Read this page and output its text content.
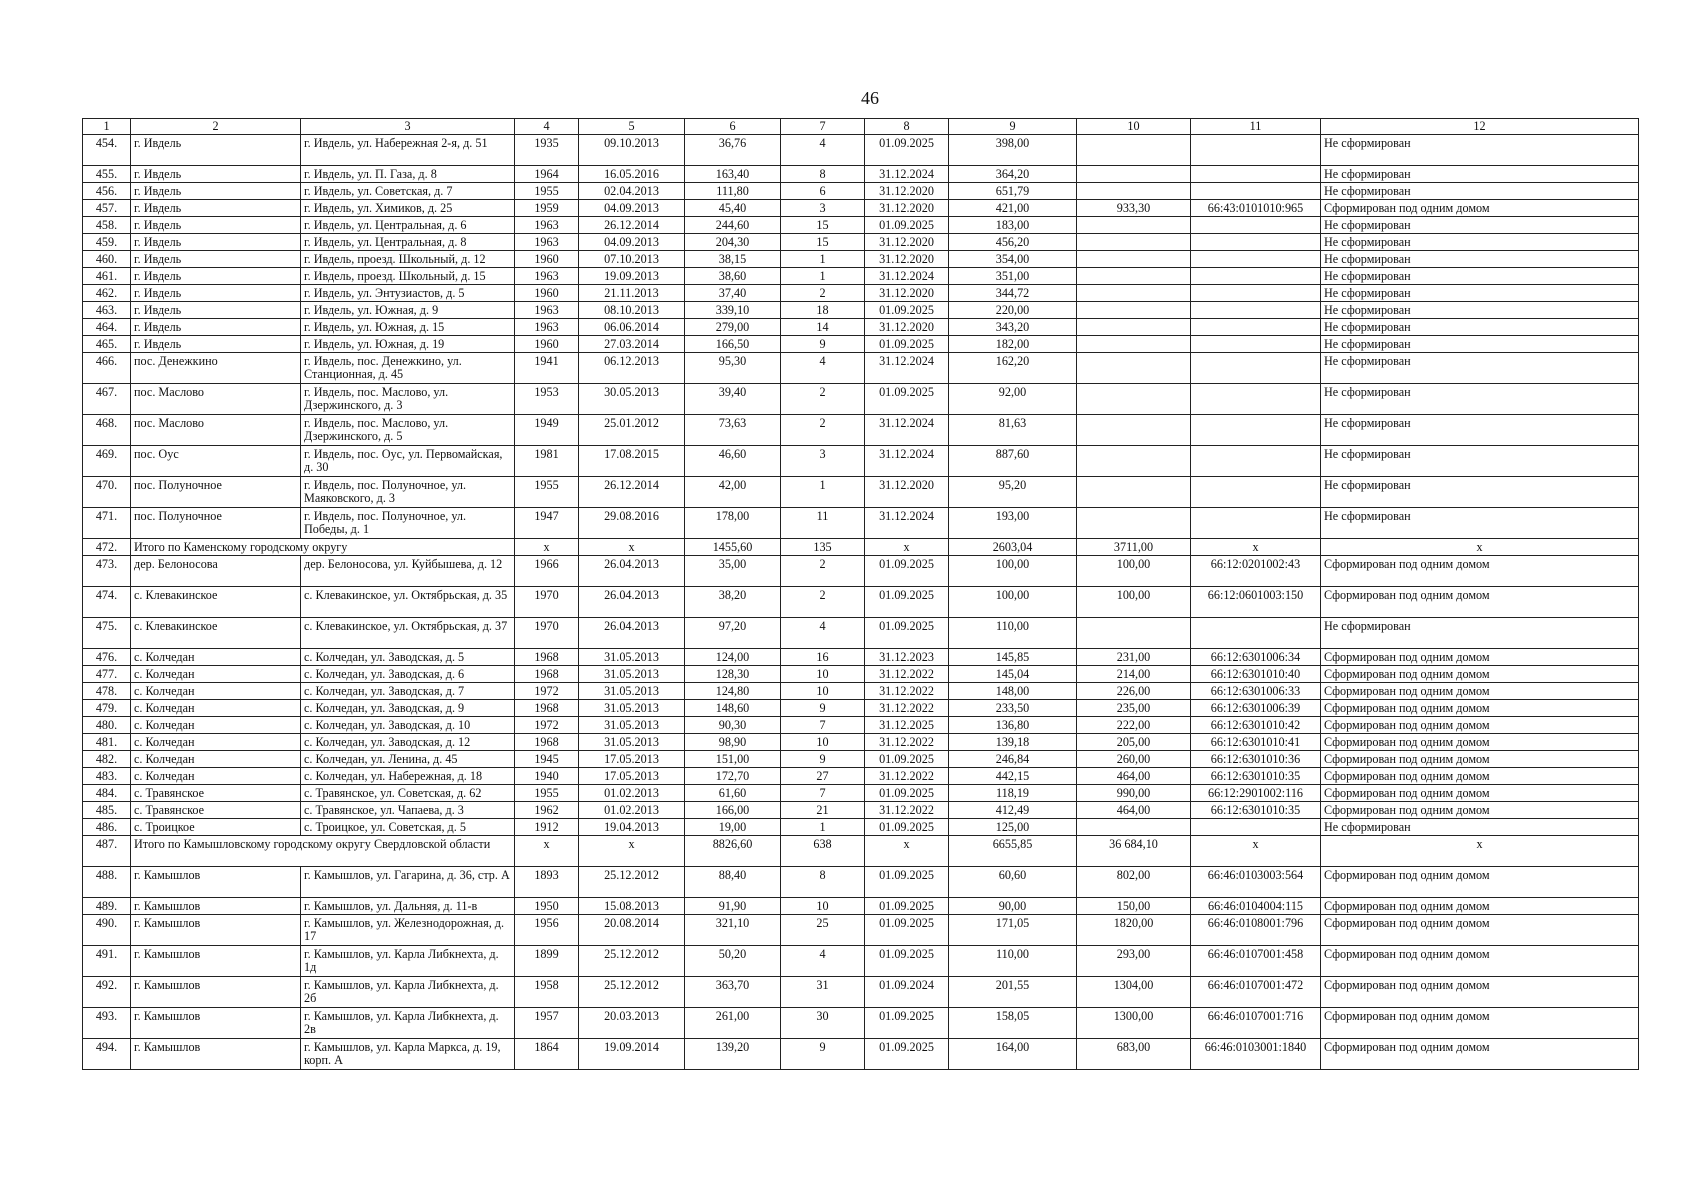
46
1	2	3	4	5	6	7	8	9	10	11	12
454.	г. Ивдель	г. Ивдель, ул. Набережная 2-я, д. 51	1935	09.10.2013	36,76	4	01.09.2025	398,00			Не сформирован
455.	г. Ивдель	г. Ивдель, ул. П. Газа, д. 8	1964	16.05.2016	163,40	8	31.12.2024	364,20			Не сформирован
456.	г. Ивдель	г. Ивдель, ул. Советская, д. 7	1955	02.04.2013	111,80	6	31.12.2020	651,79			Не сформирован
457.	г. Ивдель	г. Ивдель, ул. Химиков, д. 25	1959	04.09.2013	45,40	3	31.12.2020	421,00	933,30	66:43:0101010:965	Сформирован под одним домом
458.	г. Ивдель	г. Ивдель, ул. Центральная, д. 6	1963	26.12.2014	244,60	15	01.09.2025	183,00			Не сформирован
459.	г. Ивдель	г. Ивдель, ул. Центральная, д. 8	1963	04.09.2013	204,30	15	31.12.2020	456,20			Не сформирован
460.	г. Ивдель	г. Ивдель, проезд. Школьный, д. 12	1960	07.10.2013	38,15	1	31.12.2020	354,00			Не сформирован
461.	г. Ивдель	г. Ивдель, проезд. Школьный, д. 15	1963	19.09.2013	38,60	1	31.12.2024	351,00			Не сформирован
462.	г. Ивдель	г. Ивдель, ул. Энтузиастов, д. 5	1960	21.11.2013	37,40	2	31.12.2020	344,72			Не сформирован
463.	г. Ивдель	г. Ивдель, ул. Южная, д. 9	1963	08.10.2013	339,10	18	01.09.2025	220,00			Не сформирован
464.	г. Ивдель	г. Ивдель, ул. Южная, д. 15	1963	06.06.2014	279,00	14	31.12.2020	343,20			Не сформирован
465.	г. Ивдель	г. Ивдель, ул. Южная, д. 19	1960	27.03.2014	166,50	9	01.09.2025	182,00			Не сформирован
466.	пос. Денежкино	г. Ивдель, пос. Денежкино, ул. Станционная, д. 45	1941	06.12.2013	95,30	4	31.12.2024	162,20			Не сформирован
467.	пос. Маслово	г. Ивдель, пос. Маслово, ул. Дзержинского, д. 3	1953	30.05.2013	39,40	2	01.09.2025	92,00			Не сформирован
468.	пос. Маслово	г. Ивдель, пос. Маслово, ул. Дзержинского, д. 5	1949	25.01.2012	73,63	2	31.12.2024	81,63			Не сформирован
469.	пос. Оус	г. Ивдель, пос. Оус, ул. Первомайская, д. 30	1981	17.08.2015	46,60	3	31.12.2024	887,60			Не сформирован
470.	пос. Полуночное	г. Ивдель, пос. Полуночное, ул. Маяковского, д. 3	1955	26.12.2014	42,00	1	31.12.2020	95,20			Не сформирован
471.	пос. Полуночное	г. Ивдель, пос. Полуночное, ул. Победы, д. 1	1947	29.08.2016	178,00	11	31.12.2024	193,00			Не сформирован
472.	Итого по Каменскому городскому округу		x	x	1455,60	135	x	2603,04	3711,00	x	x
473.	дер. Белоносова	дер. Белоносова, ул. Куйбышева, д. 12	1966	26.04.2013	35,00	2	01.09.2025	100,00	100,00	66:12:0201002:43	Сформирован под одним домом
474.	с. Клевакинское	с. Клевакинское, ул. Октябрьская, д. 35	1970	26.04.2013	38,20	2	01.09.2025	100,00	100,00	66:12:0601003:150	Сформирован под одним домом
475.	с. Клевакинское	с. Клевакинское, ул. Октябрьская, д. 37	1970	26.04.2013	97,20	4	01.09.2025	110,00			Не сформирован
476.	с. Колчедан	с. Колчедан, ул. Заводская, д. 5	1968	31.05.2013	124,00	16	31.12.2023	145,85	231,00	66:12:6301006:34	Сформирован под одним домом
477.	с. Колчедан	с. Колчедан, ул. Заводская, д. 6	1968	31.05.2013	128,30	10	31.12.2022	145,04	214,00	66:12:6301010:40	Сформирован под одним домом
478.	с. Колчедан	с. Колчедан, ул. Заводская, д. 7	1972	31.05.2013	124,80	10	31.12.2022	148,00	226,00	66:12:6301006:33	Сформирован под одним домом
479.	с. Колчедан	с. Колчедан, ул. Заводская, д. 9	1968	31.05.2013	148,60	9	31.12.2022	233,50	235,00	66:12:6301006:39	Сформирован под одним домом
480.	с. Колчедан	с. Колчедан, ул. Заводская, д. 10	1972	31.05.2013	90,30	7	31.12.2025	136,80	222,00	66:12:6301010:42	Сформирован под одним домом
481.	с. Колчедан	с. Колчедан, ул. Заводская, д. 12	1968	31.05.2013	98,90	10	31.12.2022	139,18	205,00	66:12:6301010:41	Сформирован под одним домом
482.	с. Колчедан	с. Колчедан, ул. Ленина, д. 45	1945	17.05.2013	151,00	9	01.09.2025	246,84	260,00	66:12:6301010:36	Сформирован под одним домом
483.	с. Колчедан	с. Колчедан, ул. Набережная, д. 18	1940	17.05.2013	172,70	27	31.12.2022	442,15	464,00	66:12:6301010:35	Сформирован под одним домом
484.	с. Травянское	с. Травянское, ул. Советская, д. 62	1955	01.02.2013	61,60	7	01.09.2025	118,19	990,00	66:12:2901002:116	Сформирован под одним домом
485.	с. Травянское	с. Травянское, ул. Чапаева, д. 3	1962	01.02.2013	166,00	21	31.12.2022	412,49	464,00	66:12:6301010:35	Сформирован под одним домом
486.	с. Троицкое	с. Троицкое, ул. Советская, д. 5	1912	19.04.2013	19,00	1	01.09.2025	125,00			Не сформирован
487.	Итого по Камышловскому городскому округу Свердловской области		x	x	8826,60	638	x	6655,85	36 684,10	x	x
488.	г. Камышлов	г. Камышлов, ул. Гагарина, д. 36, стр. А	1893	25.12.2012	88,40	8	01.09.2025	60,60	802,00	66:46:0103003:564	Сформирован под одним домом
489.	г. Камышлов	г. Камышлов, ул. Дальняя, д. 11-в	1950	15.08.2013	91,90	10	01.09.2025	90,00	150,00	66:46:0104004:115	Сформирован под одним домом
490.	г. Камышлов	г. Камышлов, ул. Железнодорожная, д. 17	1956	20.08.2014	321,10	25	01.09.2025	171,05	1820,00	66:46:0108001:796	Сформирован под одним домом
491.	г. Камышлов	г. Камышлов, ул. Карла Либкнехта, д. 1д	1899	25.12.2012	50,20	4	01.09.2025	110,00	293,00	66:46:0107001:458	Сформирован под одним домом
492.	г. Камышлов	г. Камышлов, ул. Карла Либкнехта, д. 2б	1958	25.12.2012	363,70	31	01.09.2024	201,55	1304,00	66:46:0107001:472	Сформирован под одним домом
493.	г. Камышлов	г. Камышлов, ул. Карла Либкнехта, д. 2в	1957	20.03.2013	261,00	30	01.09.2025	158,05	1300,00	66:46:0107001:716	Сформирован под одним домом
494.	г. Камышлов	г. Камышлов, ул. Карла Маркса, д. 19, корп. А	1864	19.09.2014	139,20	9	01.09.2025	164,00	683,00	66:46:0103001:1840	Сформирован под одним домом
